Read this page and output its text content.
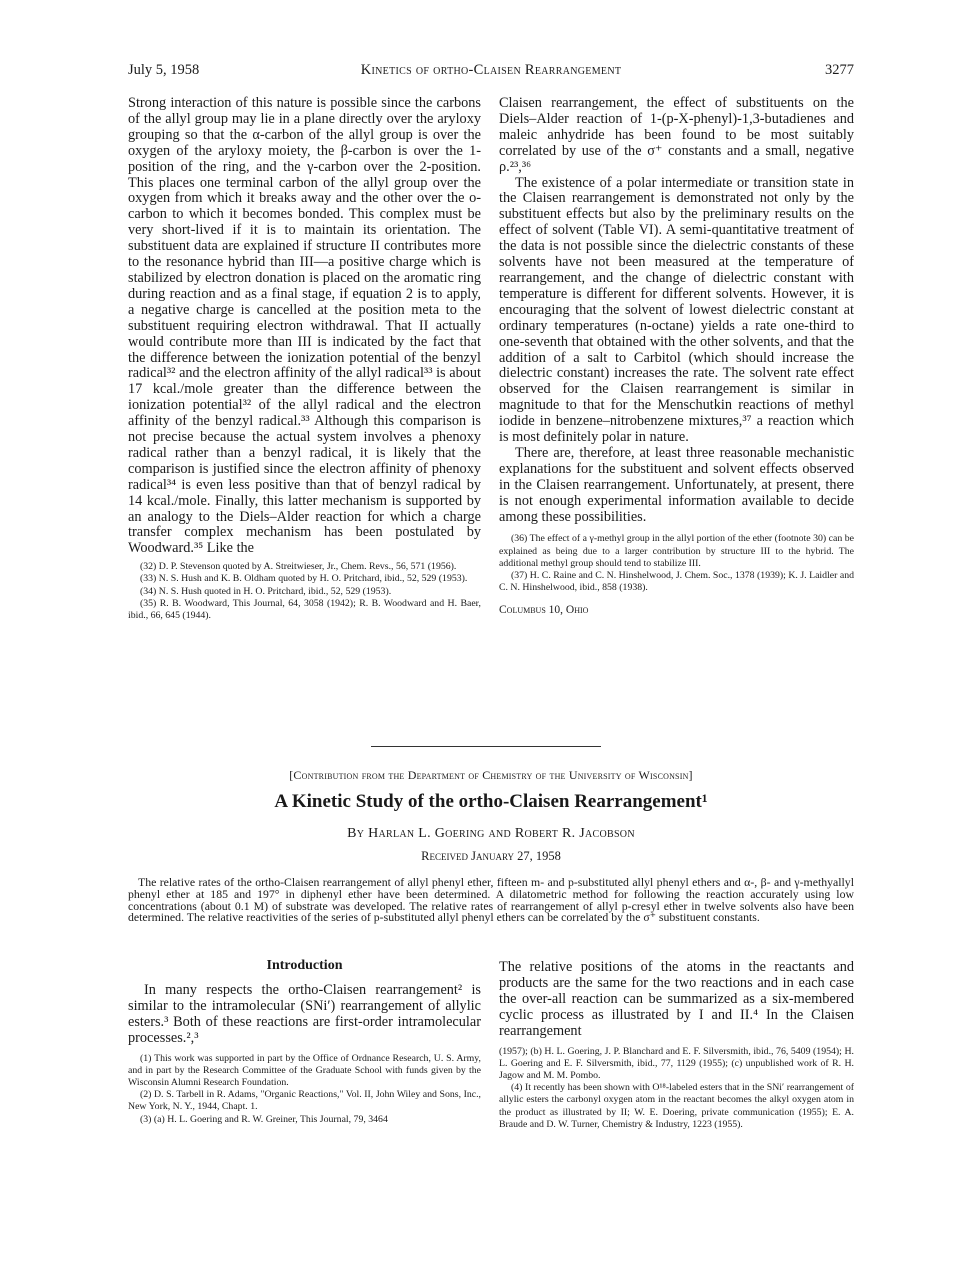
July 5, 1958	Kinetics of ortho-Claisen Rearrangement	3277

Strong interaction of this nature is possible since the carbons of the allyl group may lie in a plane directly over the aryloxy grouping so that the α-carbon of the allyl group is over the oxygen of the aryloxy moiety, the β-carbon is over the 1-position of the ring, and the γ-carbon over the 2-position. This places one terminal carbon of the allyl group over the oxygen from which it breaks away and the other over the o-carbon to which it becomes bonded. This complex must be very short-lived if it is to maintain its orientation. The substituent data are explained if structure II contributes more to the resonance hybrid than III—a positive charge which is stabilized by electron donation is placed on the aromatic ring during reaction and as a final stage, if equation 2 is to apply, a negative charge is cancelled at the position meta to the substituent requiring electron withdrawal. That II actually would contribute more than III is indicated by the fact that the difference between the ionization potential of the benzyl radical³² and the electron affinity of the allyl radical³³ is about 17 kcal./mole greater than the difference between the ionization potential³² of the allyl radical and the electron affinity of the benzyl radical.³³ Although this comparison is not precise because the actual system involves a phenoxy radical rather than a benzyl radical, it is likely that the comparison is justified since the electron affinity of phenoxy radical³⁴ is even less positive than that of benzyl radical by 14 kcal./mole. Finally, this latter mechanism is supported by an analogy to the Diels–Alder reaction for which a charge transfer complex mechanism has been postulated by Woodward.³⁵ Like the

(32) D. P. Stevenson quoted by A. Streitwieser, Jr., Chem. Revs., 56, 571 (1956).

(33) N. S. Hush and K. B. Oldham quoted by H. O. Pritchard, ibid., 52, 529 (1953).

(34) N. S. Hush quoted in H. O. Pritchard, ibid., 52, 529 (1953).

(35) R. B. Woodward, This Journal, 64, 3058 (1942); R. B. Woodward and H. Baer, ibid., 66, 645 (1944).

Claisen rearrangement, the effect of substituents on the Diels–Alder reaction of 1-(p-X-phenyl)-1,3-butadienes and maleic anhydride has been found to be most suitably correlated by use of the σ⁺ constants and a small, negative ρ.²³,³⁶

The existence of a polar intermediate or transition state in the Claisen rearrangement is demonstrated not only by the substituent effects but also by the preliminary results on the effect of solvent (Table VI). A semi-quantitative treatment of the data is not possible since the dielectric constants of these solvents have not been measured at the temperature of rearrangement, and the change of dielectric constant with temperature is different for different solvents. However, it is encouraging that the solvent of lowest dielectric constant at ordinary temperatures (n-octane) yields a rate one-third to one-seventh that obtained with the other solvents, and that the addition of a salt to Carbitol (which should increase the dielectric constant) increases the rate. The solvent rate effect observed for the Claisen rearrangement is similar in magnitude to that for the Menschutkin reactions of methyl iodide in benzene–nitrobenzene mixtures,³⁷ a reaction which is most definitely polar in nature.

There are, therefore, at least three reasonable mechanistic explanations for the substituent and solvent effects observed in the Claisen rearrangement. Unfortunately, at present, there is not enough experimental information available to decide among these possibilities.

(36) The effect of a γ-methyl group in the allyl portion of the ether (footnote 30) can be explained as being due to a larger contribution by structure III to the hybrid. The additional methyl group should tend to stabilize III.

(37) H. C. Raine and C. N. Hinshelwood, J. Chem. Soc., 1378 (1939); K. J. Laidler and C. N. Hinshelwood, ibid., 858 (1938).

Columbus 10, Ohio
[Contribution from the Department of Chemistry of the University of Wisconsin]
A Kinetic Study of the ortho-Claisen Rearrangement¹
By Harlan L. Goering and Robert R. Jacobson
Received January 27, 1958

The relative rates of the ortho-Claisen rearrangement of allyl phenyl ether, fifteen m- and p-substituted allyl phenyl ethers and α-, β- and γ-methyallyl phenyl ether at 185 and 197° in diphenyl ether have been determined. A dilatometric method for following the reaction accurately using low concentrations (about 0.1 M) of substrate was developed. The relative rates of rearrangement of allyl p-cresyl ether in twelve solvents also have been determined. The relative reactivities of the series of p-substituted allyl phenyl ethers can be correlated by the σ⁺ substituent constants.

Introduction

In many respects the ortho-Claisen rearrangement² is similar to the intramolecular (SNi′) rearrangement of allylic esters.³ Both of these reactions are first-order intramolecular processes.²,³

(1) This work was supported in part by the Office of Ordnance Research, U. S. Army, and in part by the Research Committee of the Graduate School with funds given by the Wisconsin Alumni Research Foundation.

(2) D. S. Tarbell in R. Adams, "Organic Reactions," Vol. II, John Wiley and Sons, Inc., New York, N. Y., 1944, Chapt. 1.

(3) (a) H. L. Goering and R. W. Greiner, This Journal, 79, 3464

The relative positions of the atoms in the reactants and products are the same for the two reactions and in each case the over-all reaction can be summarized as a six-membered cyclic process as illustrated by I and II.⁴ In the Claisen rearrangement

(1957); (b) H. L. Goering, J. P. Blanchard and E. F. Silversmith, ibid., 76, 5409 (1954); H. L. Goering and E. F. Silversmith, ibid., 77, 1129 (1955); (c) unpublished work of R. H. Jagow and M. M. Pombo.

(4) It recently has been shown with O¹⁸-labeled esters that in the SNi′ rearrangement of allylic esters the carbonyl oxygen atom in the reactant becomes the alkyl oxygen atom in the product as illustrated by II; W. E. Doering, private communication (1955); E. A. Braude and D. W. Turner, Chemistry & Industry, 1223 (1955).
